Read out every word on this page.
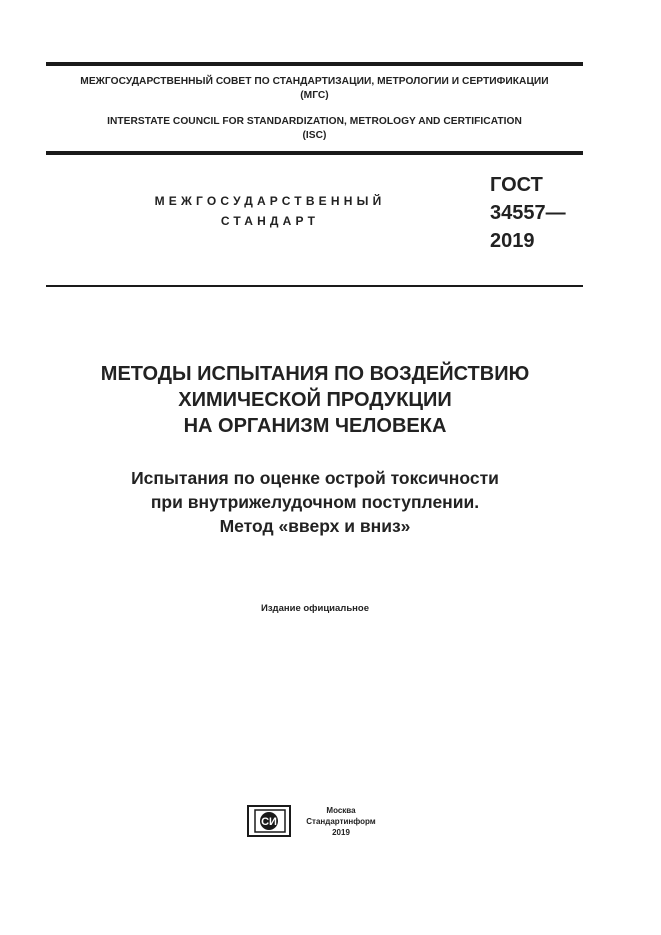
МЕЖГОСУДАРСТВЕННЫЙ СОВЕТ ПО СТАНДАРТИЗАЦИИ, МЕТРОЛОГИИ И СЕРТИФИКАЦИИ
(МГС)
INTERSTATE COUNCIL FOR STANDARDIZATION, METROLOGY AND CERTIFICATION
(ISC)
МЕЖГОСУДАРСТВЕННЫЙ
СТАНДАРТ
ГОСТ
34557—
2019
МЕТОДЫ ИСПЫТАНИЯ ПО ВОЗДЕЙСТВИЮ
ХИМИЧЕСКОЙ ПРОДУКЦИИ
НА ОРГАНИЗМ ЧЕЛОВЕКА
Испытания по оценке острой токсичности
при внутрижелудочном поступлении.
Метод «вверх и вниз»
Издание официальное
СИ
Москва
Стандартинформ
2019
